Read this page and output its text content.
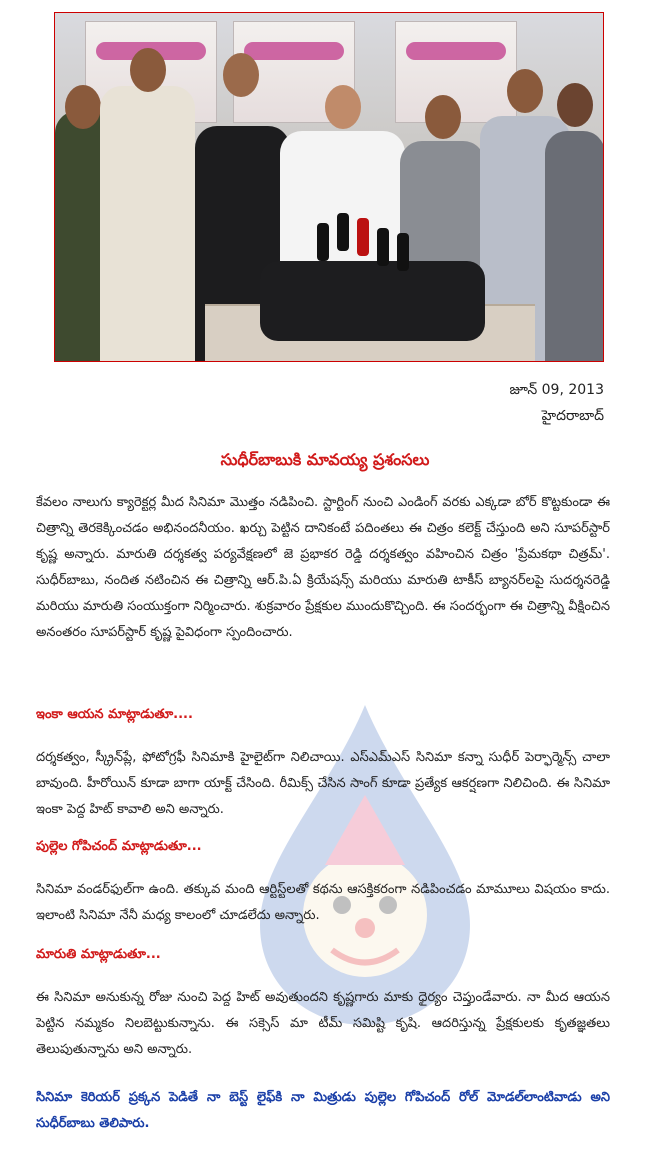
జూన్ 09, 2013
హైదరాబాద్
సుధీర్‌బాబుకి మావయ్య ప్రశంసలు
కేవలం నాలుగు క్యారెక్టర్ల మీద సినిమా మొత్తం నడిపించి. స్టార్టింగ్ నుంచి ఎండింగ్ వరకు ఎక్కడా బోర్ కొట్టకుండా ఈ చిత్రాన్ని తెరకెక్కించడం అభినందనీయం. ఖర్చు పెట్టిన దానికంటే పదింతలు ఈ చిత్రం కలెక్ట్ చేస్తుంది అని సూపర్‌స్టార్ కృష్ణ అన్నారు. మారుతి దర్శకత్వ పర్యవేక్షణలో జె ప్రభాకర రెడ్డి దర్శకత్వం వహించిన చిత్రం 'ప్రేమకథా చిత్రమ్'. సుధీర్‌బాబు, నందిత నటించిన ఈ చిత్రాన్ని ఆర్.పి.ఏ క్రియేషన్స్ మరియు మారుతి టాకీస్ బ్యానర్‌లపై సుదర్శనరెడ్డి మరియు మారుతి సంయుక్తంగా నిర్మించారు. శుక్రవారం ప్రేక్షకుల ముందుకొచ్చింది. ఈ సందర్భంగా ఈ చిత్రాన్ని వీక్షించిన అనంతరం సూపర్‌స్టార్ కృష్ణ పైవిధంగా స్పందించారు.
ఇంకా ఆయన మాట్లాడుతూ....
దర్శకత్వం, స్క్రీన్‌ప్లే, ఫోటోగ్రఫీ సినిమాకి హైలైట్‌గా నిలిచాయి. ఎస్ఎమ్ఎస్ సినిమా కన్నా సుధీర్ పెర్ఫార్మెన్స్ చాలా బావుంది. హీరోయిన్ కూడా బాగా యాక్ట్ చేసింది. రీమిక్స్ చేసిన సాంగ్ కూడా ప్రత్యేక ఆకర్షణగా నిలిచింది. ఈ సినిమా ఇంకా పెద్ద హిట్ కావాలి అని అన్నారు.
పుల్లెల గోపిచంద్ మాట్లాడుతూ...
సినిమా వండర్‌ఫుల్‌గా ఉంది. తక్కువ మంది ఆర్టిస్ట్‌లతో కథను ఆసక్తికరంగా నడిపించడం మామూలు విషయం కాదు. ఇలాంటి సినిమా నేనీ మధ్య కాలంలో చూడలేదు అన్నారు.
మారుతి మాట్లాడుతూ...
ఈ సినిమా అనుకున్న రోజు నుంచి పెద్ద హిట్ అవుతుందని కృష్ణగారు మాకు ధైర్యం చెప్తుండేవారు. నా మీద ఆయన పెట్టిన నమ్మకం నిలబెట్టుకున్నాను. ఈ సక్సెస్ మా టీమ్ సమిష్టి కృషి. ఆదరిస్తున్న ప్రేక్షకులకు కృతజ్ఞతలు తెలుపుతున్నాను అని అన్నారు.
సినిమా కెరియర్ ప్రక్కన పెడితే నా బెస్ట్ లైఫ్‌కి నా మిత్రుడు పుల్లెల గోపిచంద్ రోల్ మోడల్‌లాంటివాడు అని సుధీర్‌బాబు తెలిపారు.
